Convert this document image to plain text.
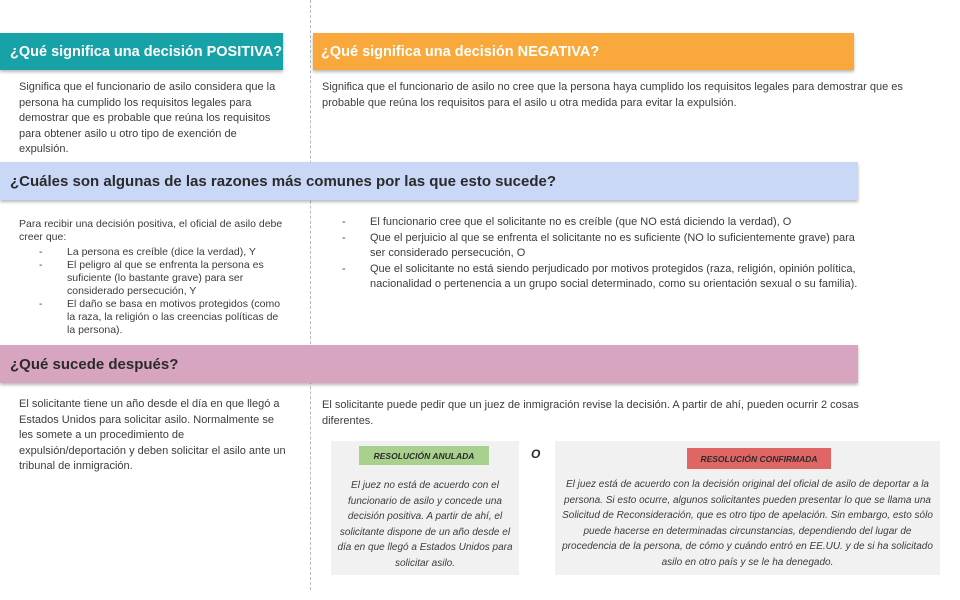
¿Qué significa una decisión POSITIVA?	¿Qué significa una decisión NEGATIVA?
Significa que el funcionario de asilo considera que la persona ha cumplido los requisitos legales para demostrar que es probable que reúna los requisitos para obtener asilo u otro tipo de exención de expulsión.
Significa que el funcionario de asilo no cree que la persona haya cumplido los requisitos legales para demostrar que es probable que reúna los requisitos para el asilo u otra medida para evitar la expulsión.
¿Cuáles son algunas de las razones más comunes por las que esto sucede?
Para recibir una decisión positiva, el oficial de asilo debe creer que:
- La persona es creíble (dice la verdad), Y
- El peligro al que se enfrenta la persona es suficiente (lo bastante grave) para ser considerado persecución, Y
- El daño se basa en motivos protegidos (como la raza, la religión o las creencias políticas de la persona).
- El funcionario cree que el solicitante no es creíble (que NO está diciendo la verdad), O
- Que el perjuicio al que se enfrenta el solicitante no es suficiente (NO lo suficientemente grave) para ser considerado persecución, O
- Que el solicitante no está siendo perjudicado por motivos protegidos (raza, religión, opinión política, nacionalidad o pertenencia a un grupo social determinado, como su orientación sexual o su familia).
¿Qué sucede después?
El solicitante tiene un año desde el día en que llegó a Estados Unidos para solicitar asilo. Normalmente se les somete a un procedimiento de expulsión/deportación y deben solicitar el asilo ante un tribunal de inmigración.
El solicitante puede pedir que un juez de inmigración revise la decisión. A partir de ahí, pueden ocurrir 2 cosas diferentes.
RESOLUCIÓN ANULADA
El juez no está de acuerdo con el funcionario de asilo y concede una decisión positiva. A partir de ahí, el solicitante dispone de un año desde el día en que llegó a Estados Unidos para solicitar asilo.
O	RESOLUCIÓN CONFIRMADA
El juez está de acuerdo con la decisión original del oficial de asilo de deportar a la persona. Si esto ocurre, algunos solicitantes pueden presentar lo que se llama una Solicitud de Reconsideración, que es otro tipo de apelación. Sin embargo, esto sólo puede hacerse en determinadas circunstancias, dependiendo del lugar de procedencia de la persona, de cómo y cuándo entró en EE.UU. y de si ha solicitado asilo en otro país y se le ha denegado.
